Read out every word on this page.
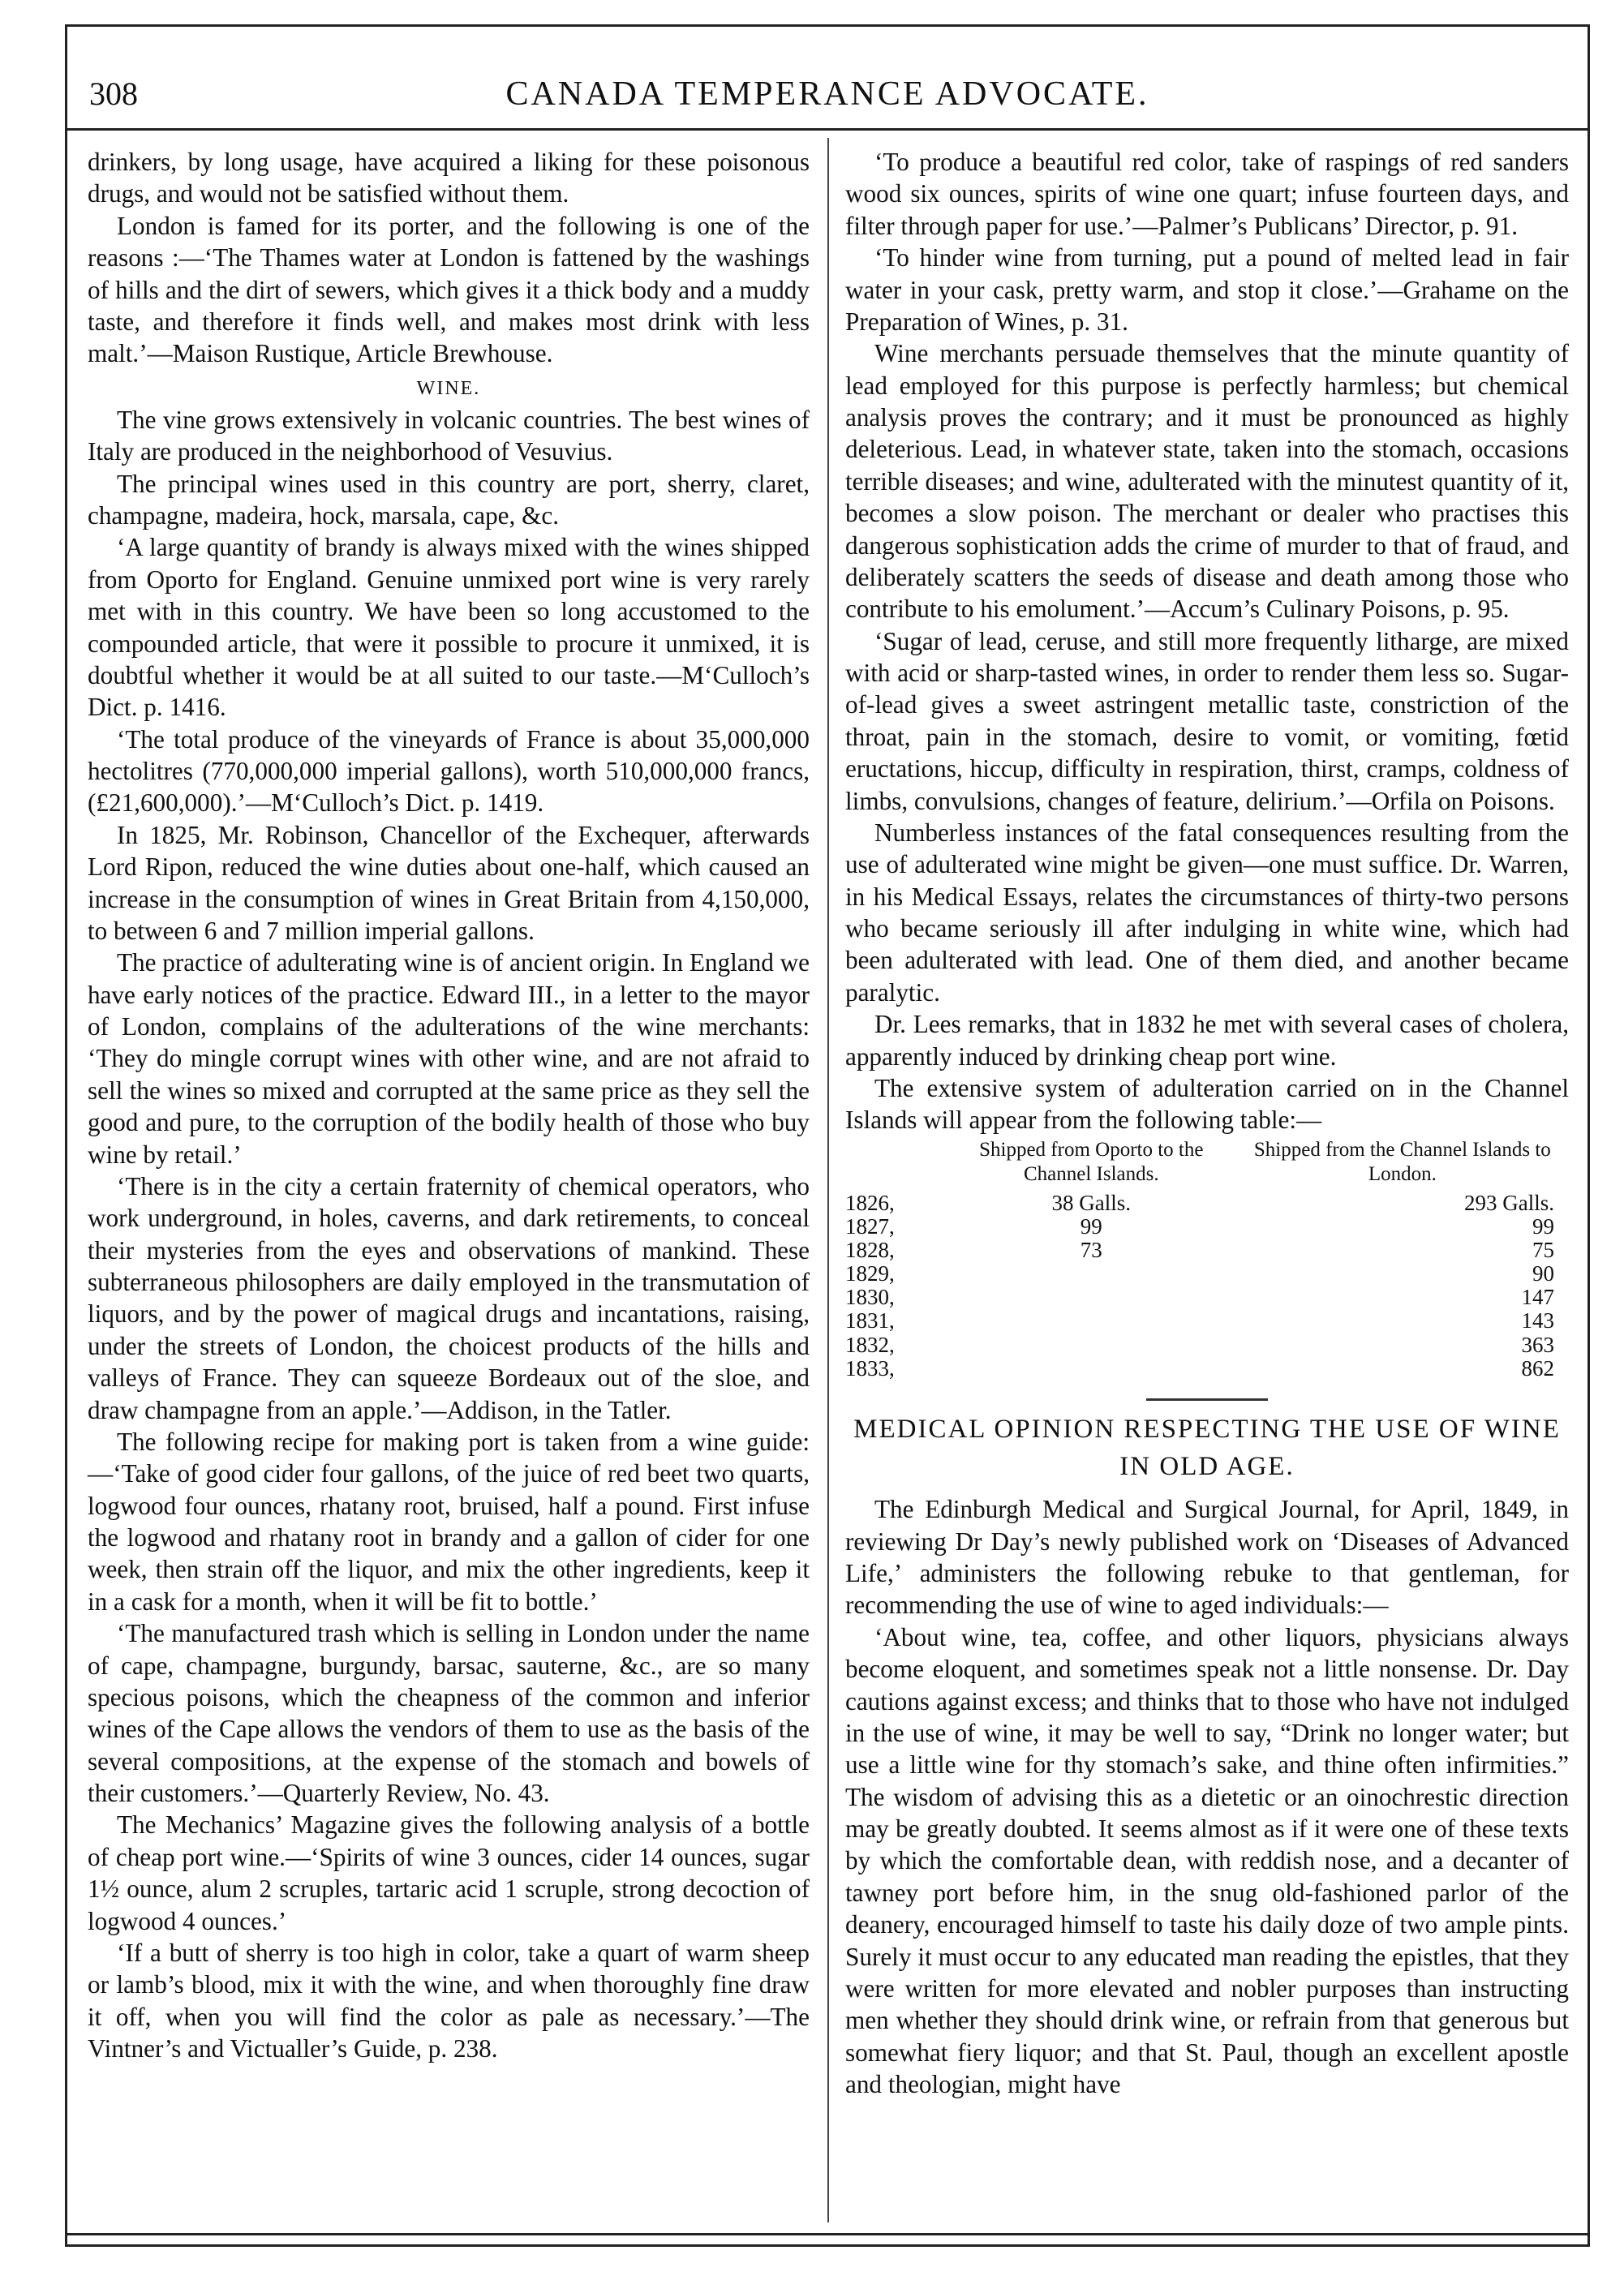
308	CANADA TEMPERANCE ADVOCATE.

drinkers, by long usage, have acquired a liking for these poisonous drugs, and would not be satisfied without them.

London is famed for its porter, and the following is one of the reasons :—‘The Thames water at London is fattened by the washings of hills and the dirt of sewers, which gives it a thick body and a muddy taste, and therefore it finds well, and makes most drink with less malt.’—Maison Rustique, Article Brewhouse.

WINE.

The vine grows extensively in volcanic countries. The best wines of Italy are produced in the neighborhood of Vesuvius.

The principal wines used in this country are port, sherry, claret, champagne, madeira, hock, marsala, cape, &c.

‘A large quantity of brandy is always mixed with the wines shipped from Oporto for England. Genuine unmixed port wine is very rarely met with in this country. We have been so long accustomed to the compounded article, that were it possible to procure it unmixed, it is doubtful whether it would be at all suited to our taste.—M‘Culloch’s Dict. p. 1416.

‘The total produce of the vineyards of France is about 35,000,000 hectolitres (770,000,000 imperial gallons), worth 510,000,000 francs, (£21,600,000).’—M‘Culloch’s Dict. p. 1419.

In 1825, Mr. Robinson, Chancellor of the Exchequer, afterwards Lord Ripon, reduced the wine duties about one-half, which caused an increase in the consumption of wines in Great Britain from 4,150,000, to between 6 and 7 million imperial gallons.

The practice of adulterating wine is of ancient origin. In England we have early notices of the practice. Edward III., in a letter to the mayor of London, complains of the adulterations of the wine merchants: ‘They do mingle corrupt wines with other wine, and are not afraid to sell the wines so mixed and corrupted at the same price as they sell the good and pure, to the corruption of the bodily health of those who buy wine by retail.’

‘There is in the city a certain fraternity of chemical operators, who work underground, in holes, caverns, and dark retirements, to conceal their mysteries from the eyes and observations of mankind. These subterraneous philosophers are daily employed in the transmutation of liquors, and by the power of magical drugs and incantations, raising, under the streets of London, the choicest products of the hills and valleys of France. They can squeeze Bordeaux out of the sloe, and draw champagne from an apple.’—Addison, in the Tatler.

The following recipe for making port is taken from a wine guide:—‘Take of good cider four gallons, of the juice of red beet two quarts, logwood four ounces, rhatany root, bruised, half a pound. First infuse the logwood and rhatany root in brandy and a gallon of cider for one week, then strain off the liquor, and mix the other ingredients, keep it in a cask for a month, when it will be fit to bottle.’

‘The manufactured trash which is selling in London under the name of cape, champagne, burgundy, barsac, sauterne, &c., are so many specious poisons, which the cheapness of the common and inferior wines of the Cape allows the vendors of them to use as the basis of the several compositions, at the expense of the stomach and bowels of their customers.’—Quarterly Review, No. 43.

The Mechanics’ Magazine gives the following analysis of a bottle of cheap port wine.—‘Spirits of wine 3 ounces, cider 14 ounces, sugar 1½ ounce, alum 2 scruples, tartaric acid 1 scruple, strong decoction of logwood 4 ounces.’

‘If a butt of sherry is too high in color, take a quart of warm sheep or lamb’s blood, mix it with the wine, and when thoroughly fine draw it off, when you will find the color as pale as necessary.’—The Vintner’s and Victualler’s Guide, p. 238.

‘To produce a beautiful red color, take of raspings of red sanders wood six ounces, spirits of wine one quart; infuse fourteen days, and filter through paper for use.’—Palmer’s Publicans’ Director, p. 91.

‘To hinder wine from turning, put a pound of melted lead in fair water in your cask, pretty warm, and stop it close.’—Grahame on the Preparation of Wines, p. 31.

Wine merchants persuade themselves that the minute quantity of lead employed for this purpose is perfectly harmless; but chemical analysis proves the contrary; and it must be pronounced as highly deleterious. Lead, in whatever state, taken into the stomach, occasions terrible diseases; and wine, adulterated with the minutest quantity of it, becomes a slow poison. The merchant or dealer who practises this dangerous sophistication adds the crime of murder to that of fraud, and deliberately scatters the seeds of disease and death among those who contribute to his emolument.’—Accum’s Culinary Poisons, p. 95.

‘Sugar of lead, ceruse, and still more frequently litharge, are mixed with acid or sharp-tasted wines, in order to render them less so. Sugar-of-lead gives a sweet astringent metallic taste, constriction of the throat, pain in the stomach, desire to vomit, or vomiting, fœtid eructations, hiccup, difficulty in respiration, thirst, cramps, coldness of limbs, convulsions, changes of feature, delirium.’—Orfila on Poisons.

Numberless instances of the fatal consequences resulting from the use of adulterated wine might be given—one must suffice. Dr. Warren, in his Medical Essays, relates the circumstances of thirty-two persons who became seriously ill after indulging in white wine, which had been adulterated with lead. One of them died, and another became paralytic.

Dr. Lees remarks, that in 1832 he met with several cases of cholera, apparently induced by drinking cheap port wine.

The extensive system of adulteration carried on in the Channel Islands will appear from the following table:—

	Shipped from Oporto to the Channel Islands.	Shipped from the Channel Islands to London.
1826,	38 Galls.	293 Galls.
1827,	99	99
1828,	73	75
1829,		90
1830,		147
1831,		143
1832,		363
1833,		862

MEDICAL OPINION RESPECTING THE USE OF WINE IN OLD AGE.

The Edinburgh Medical and Surgical Journal, for April, 1849, in reviewing Dr Day’s newly published work on ‘Diseases of Advanced Life,’ administers the following rebuke to that gentleman, for recommending the use of wine to aged individuals:—

‘About wine, tea, coffee, and other liquors, physicians always become eloquent, and sometimes speak not a little nonsense. Dr. Day cautions against excess; and thinks that to those who have not indulged in the use of wine, it may be well to say, “Drink no longer water; but use a little wine for thy stomach’s sake, and thine often infirmities.” The wisdom of advising this as a dietetic or an oinochrestic direction may be greatly doubted. It seems almost as if it were one of these texts by which the comfortable dean, with reddish nose, and a decanter of tawney port before him, in the snug old-fashioned parlor of the deanery, encouraged himself to taste his daily doze of two ample pints. Surely it must occur to any educated man reading the epistles, that they were written for more elevated and nobler purposes than instructing men whether they should drink wine, or refrain from that generous but somewhat fiery liquor; and that St. Paul, though an excellent apostle and theologian, might have
